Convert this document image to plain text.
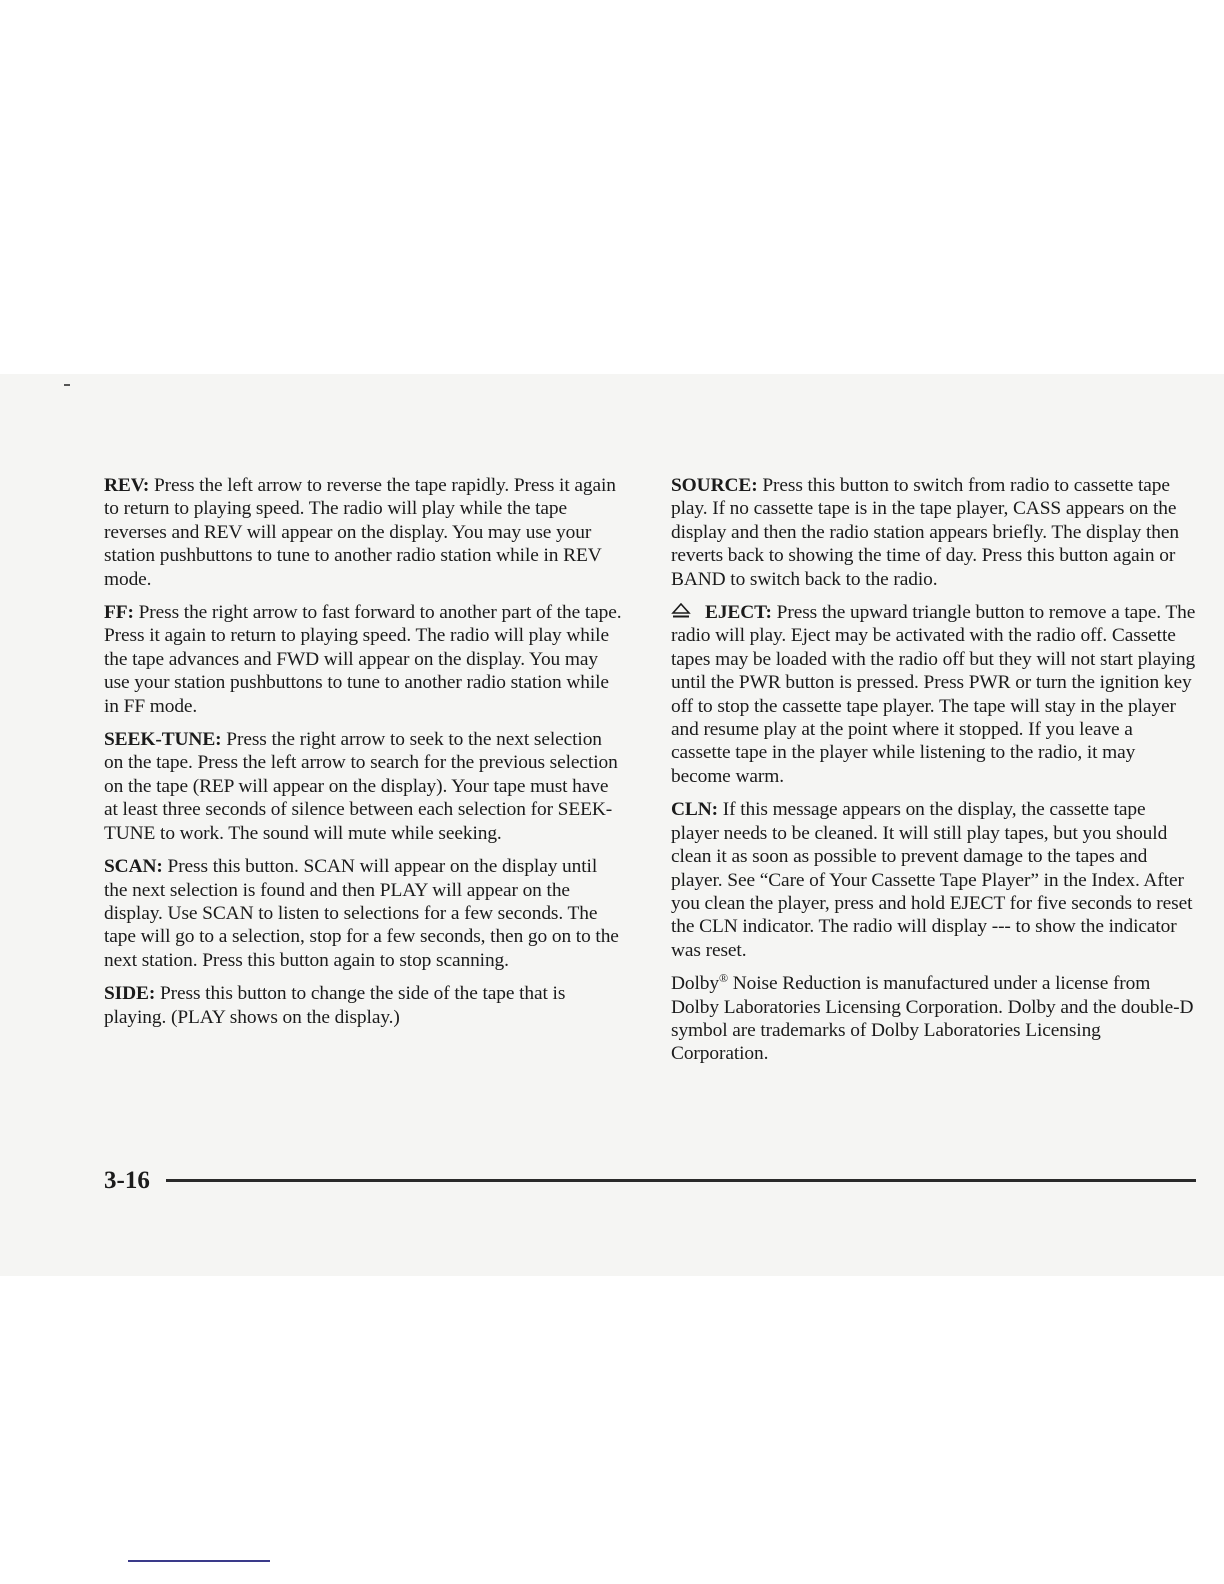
REV: Press the left arrow to reverse the tape rapidly. Press it again to return to playing speed. The radio will play while the tape reverses and REV will appear on the display. You may use your station pushbuttons to tune to another radio station while in REV mode.

FF: Press the right arrow to fast forward to another part of the tape. Press it again to return to playing speed. The radio will play while the tape advances and FWD will appear on the display. You may use your station pushbuttons to tune to another radio station while in FF mode.

SEEK-TUNE: Press the right arrow to seek to the next selection on the tape. Press the left arrow to search for the previous selection on the tape (REP will appear on the display). Your tape must have at least three seconds of silence between each selection for SEEK-TUNE to work. The sound will mute while seeking.

SCAN: Press this button. SCAN will appear on the display until the next selection is found and then PLAY will appear on the display. Use SCAN to listen to selections for a few seconds. The tape will go to a selection, stop for a few seconds, then go on to the next station. Press this button again to stop scanning.

SIDE: Press this button to change the side of the tape that is playing. (PLAY shows on the display.)

SOURCE: Press this button to switch from radio to cassette tape play. If no cassette tape is in the tape player, CASS appears on the display and then the radio station appears briefly. The display then reverts back to showing the time of day. Press this button again or BAND to switch back to the radio.

EJECT: Press the upward triangle button to remove a tape. The radio will play. Eject may be activated with the radio off. Cassette tapes may be loaded with the radio off but they will not start playing until the PWR button is pressed. Press PWR or turn the ignition key off to stop the cassette tape player. The tape will stay in the player and resume play at the point where it stopped. If you leave a cassette tape in the player while listening to the radio, it may become warm.

CLN: If this message appears on the display, the cassette tape player needs to be cleaned. It will still play tapes, but you should clean it as soon as possible to prevent damage to the tapes and player. See “Care of Your Cassette Tape Player” in the Index. After you clean the player, press and hold EJECT for five seconds to reset the CLN indicator. The radio will display --- to show the indicator was reset.

Dolby® Noise Reduction is manufactured under a license from Dolby Laboratories Licensing Corporation. Dolby and the double-D symbol are trademarks of Dolby Laboratories Licensing Corporation.

3-16
